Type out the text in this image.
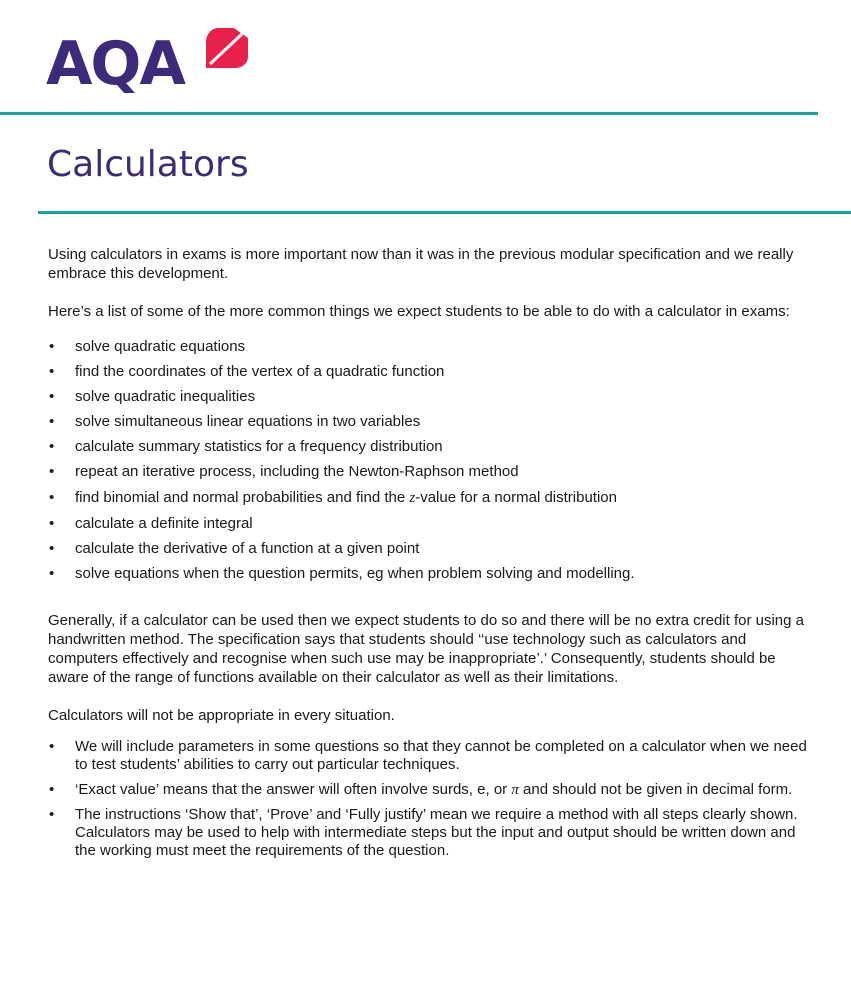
AQA
Calculators

Using calculators in exams is more important now than it was in the previous modular specification and we really embrace this development.

Here’s a list of some of the more common things we expect students to be able to do with a calculator in exams:

• solve quadratic equations
• find the coordinates of the vertex of a quadratic function
• solve quadratic inequalities
• solve simultaneous linear equations in two variables
• calculate summary statistics for a frequency distribution
• repeat an iterative process, including the Newton-Raphson method
• find binomial and normal probabilities and find the z-value for a normal distribution
• calculate a definite integral
• calculate the derivative of a function at a given point
• solve equations when the question permits, eg when problem solving and modelling.

Generally, if a calculator can be used then we expect students to do so and there will be no extra credit for using a handwritten method. The specification says that students should ‘‘use technology such as calculators and computers effectively and recognise when such use may be inappropriate’.’ Consequently, students should be aware of the range of functions available on their calculator as well as their limitations.

Calculators will not be appropriate in every situation.

• We will include parameters in some questions so that they cannot be completed on a calculator when we need to test students’ abilities to carry out particular techniques.
• ‘Exact value’ means that the answer will often involve surds, e, or π and should not be given in decimal form.
• The instructions ‘Show that’, ‘Prove’ and ‘Fully justify’ mean we require a method with all steps clearly shown. Calculators may be used to help with intermediate steps but the input and output should be written down and the working must meet the requirements of the question.
